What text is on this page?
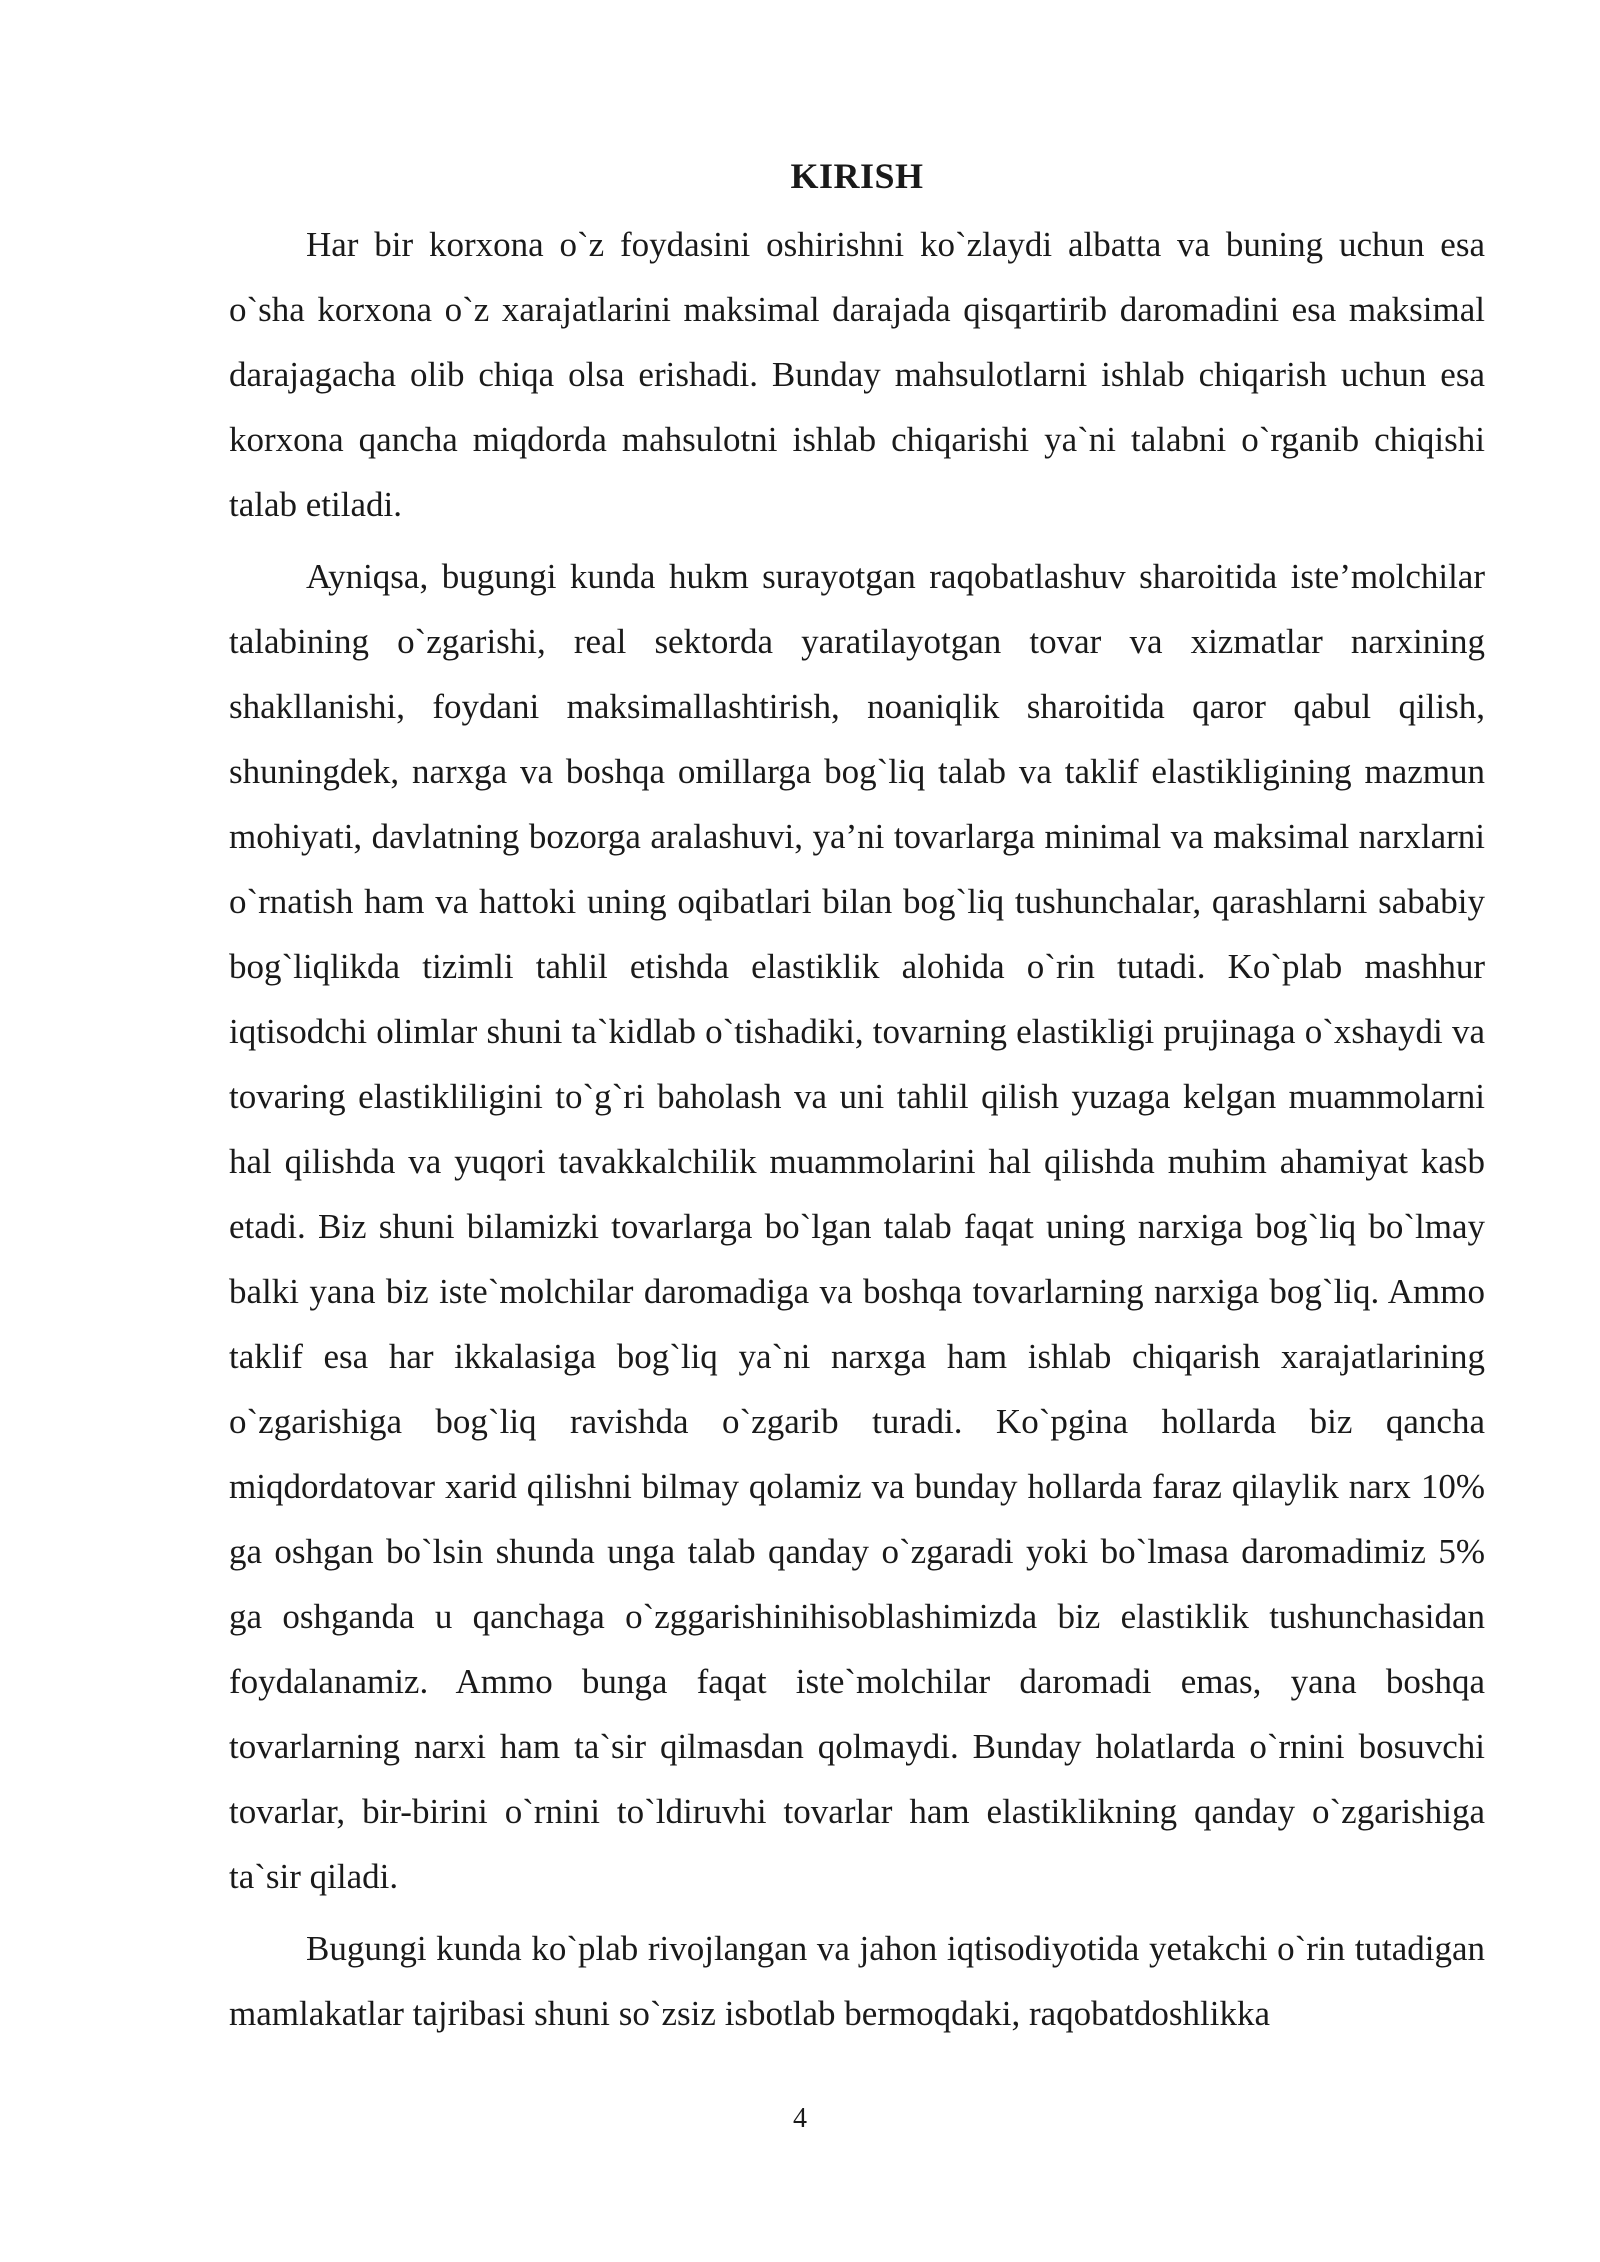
KIRISH

Har bir korxona o`z foydasini oshirishni ko`zlaydi albatta va buning uchun esa o`sha korxona o`z xarajatlarini maksimal darajada qisqartirib daromadini esa maksimal darajagacha olib chiqa olsa erishadi. Bunday mahsulotlarni ishlab chiqarish uchun esa korxona qancha miqdorda mahsulotni ishlab chiqarishi ya`ni talabni o`rganib chiqishi talab etiladi.

Ayniqsa, bugungi kunda hukm surayotgan raqobatlashuv sharoitida iste’molchilar talabining o`zgarishi, real sektorda yaratilayotgan tovar va xizmatlar narxining shakllanishi, foydani maksimallashtirish, noaniqlik sharoitida qaror qabul qilish, shuningdek, narxga va boshqa omillarga bog`liq talab va taklif elastikligining mazmun mohiyati, davlatning bozorga aralashuvi, ya’ni tovarlarga minimal va maksimal narxlarni o`rnatish ham va hattoki uning oqibatlari bilan bog`liq tushunchalar, qarashlarni sababiy bog`liqlikda tizimli tahlil etishda elastiklik alohida o`rin tutadi. Ko`plab mashhur iqtisodchi olimlar shuni ta`kidlab o`tishadiki, tovarning elastikligi prujinaga o`xshaydi va tovaring elastikliligini to`g`ri baholash va uni tahlil qilish yuzaga kelgan muammolarni hal qilishda va yuqori tavakkalchilik muammolarini hal qilishda muhim ahamiyat kasb etadi. Biz shuni bilamizki tovarlarga bo`lgan talab faqat uning narxiga bog`liq bo`lmay balki yana biz iste`molchilar daromadiga va boshqa tovarlarning narxiga bog`liq. Ammo taklif esa har ikkalasiga bog`liq ya`ni narxga ham ishlab chiqarish xarajatlarining o`zgarishiga bog`liq ravishda o`zgarib turadi. Ko`pgina hollarda biz qancha miqdordatovar xarid qilishni bilmay qolamiz va bunday hollarda faraz qilaylik narx 10% ga oshgan bo`lsin shunda unga talab qanday o`zgaradi yoki bo`lmasa daromadimiz 5% ga oshganda u qanchaga o`zggarishinihisoblashimizda biz elastiklik tushunchasidan foydalanamiz. Ammo bunga faqat iste`molchilar daromadi emas, yana boshqa tovarlarning narxi ham ta`sir qilmasdan qolmaydi. Bunday holatlarda o`rnini bosuvchi tovarlar, bir-birini o`rnini to`ldiruvhi tovarlar ham elastiklikning qanday o`zgarishiga ta`sir qiladi.

Bugungi kunda ko`plab rivojlangan va jahon iqtisodiyotida yetakchi o`rin tutadigan mamlakatlar tajribasi shuni so`zsiz isbotlab bermoqdaki, raqobatdoshlikka

4
